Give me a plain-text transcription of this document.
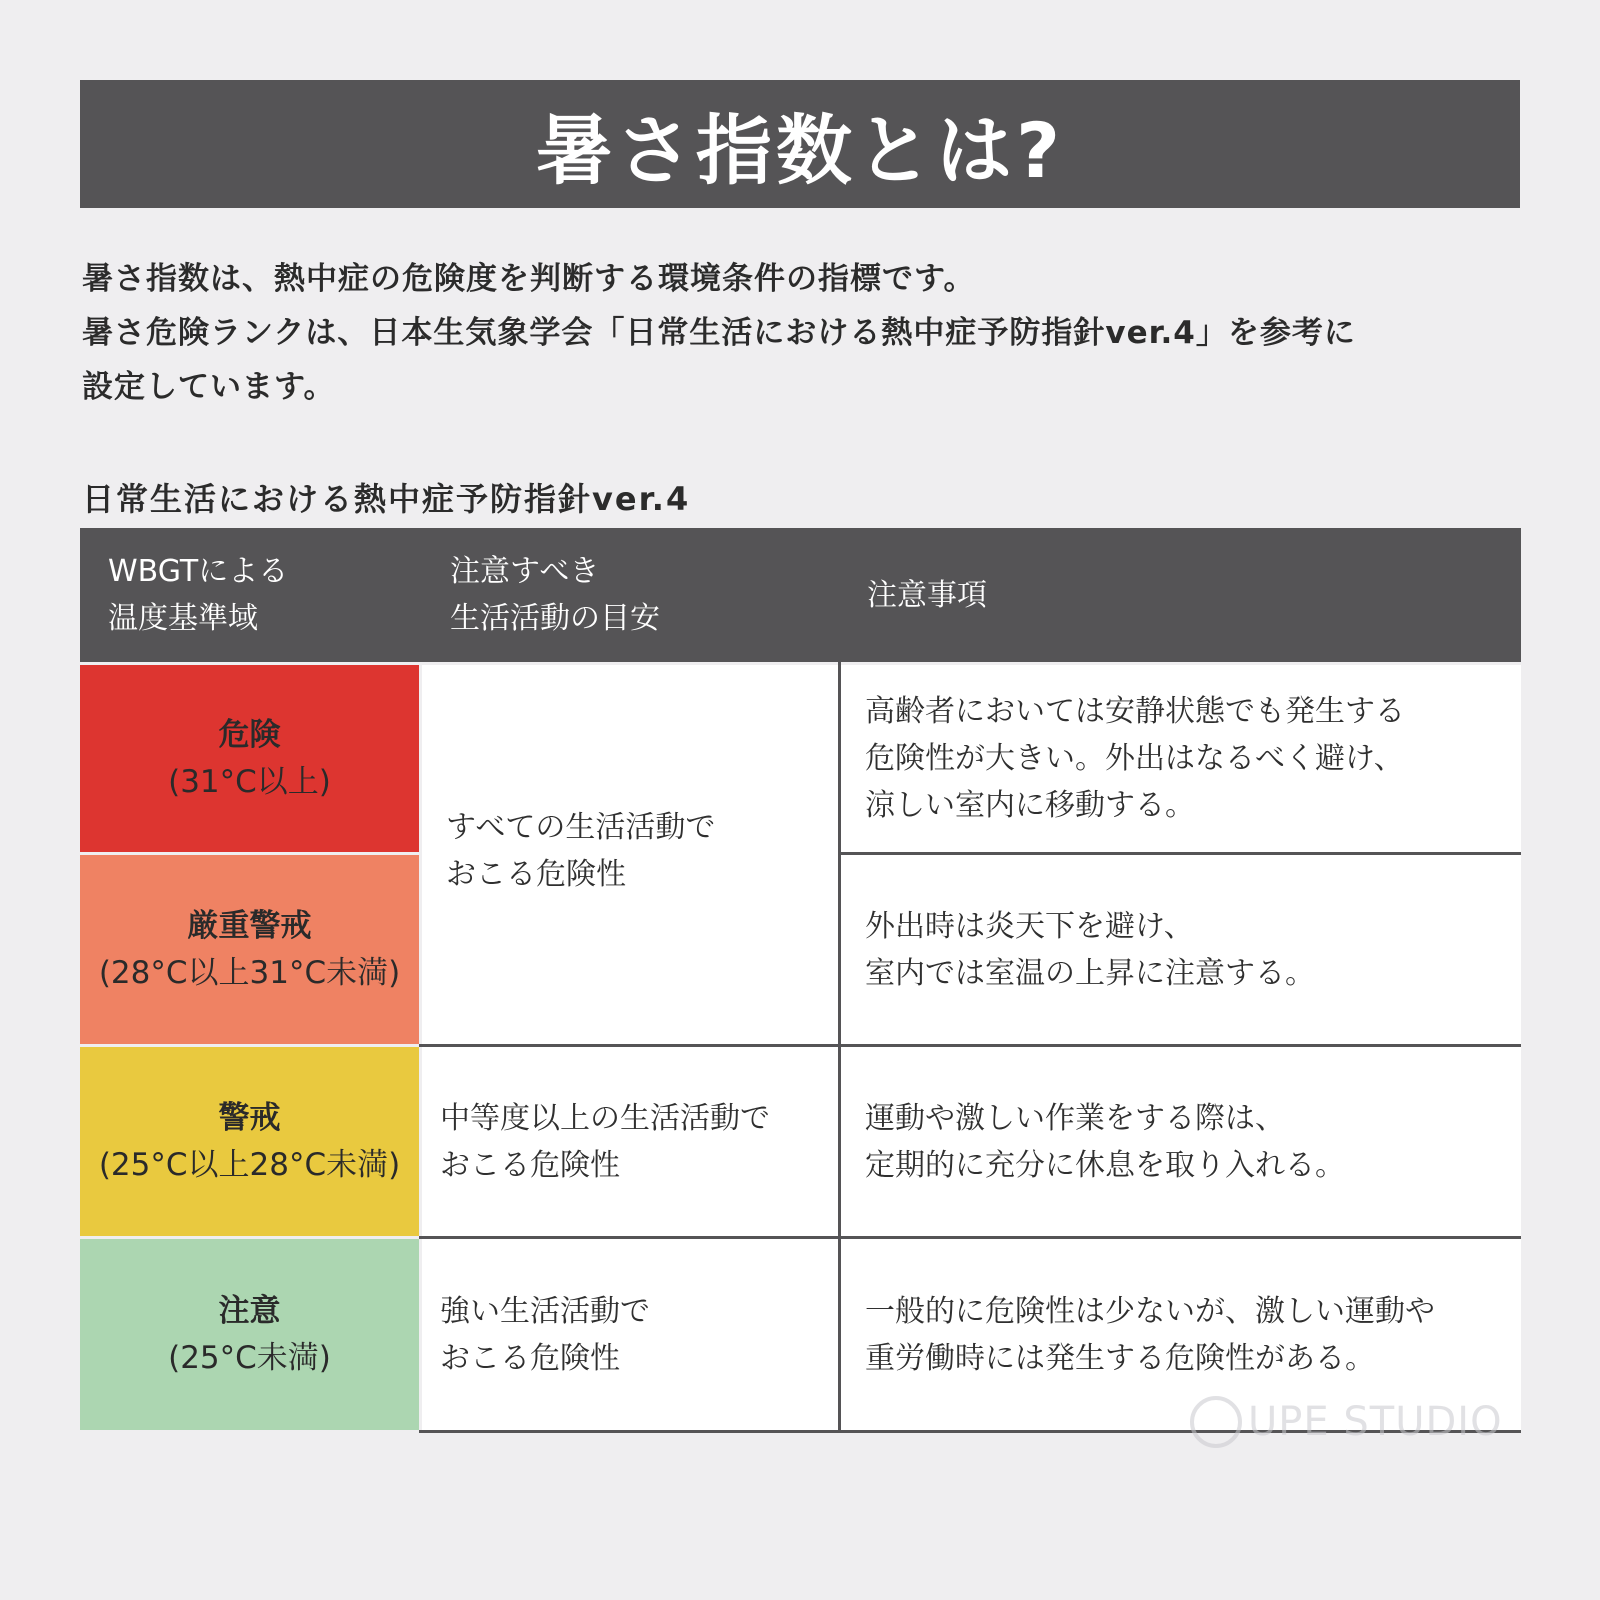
暑さ指数とは?
暑さ指数は、熱中症の危険度を判断する環境条件の指標です。
暑さ危険ランクは、日本生気象学会「日常生活における熱中症予防指針ver.4」を参考に
設定しています。
日常生活における熱中症予防指針ver.4
WBGTによる
温度基準域
注意すべき
生活活動の目安
注意事項
危険
(31°C以上)
厳重警戒
(28°C以上31°C未満)
警戒
(25°C以上28°C未満)
注意
(25°C未満)
すべての生活活動で
おこる危険性
中等度以上の生活活動で
おこる危険性
強い生活活動で
おこる危険性
高齢者においては安静状態でも発生する
危険性が大きい。外出はなるべく避け、
涼しい室内に移動する。
外出時は炎天下を避け、
室内では室温の上昇に注意する。
運動や激しい作業をする際は、
定期的に充分に休息を取り入れる。
一般的に危険性は少ないが、激しい運動や
重労働時には発生する危険性がある。
UPE STUDIO
